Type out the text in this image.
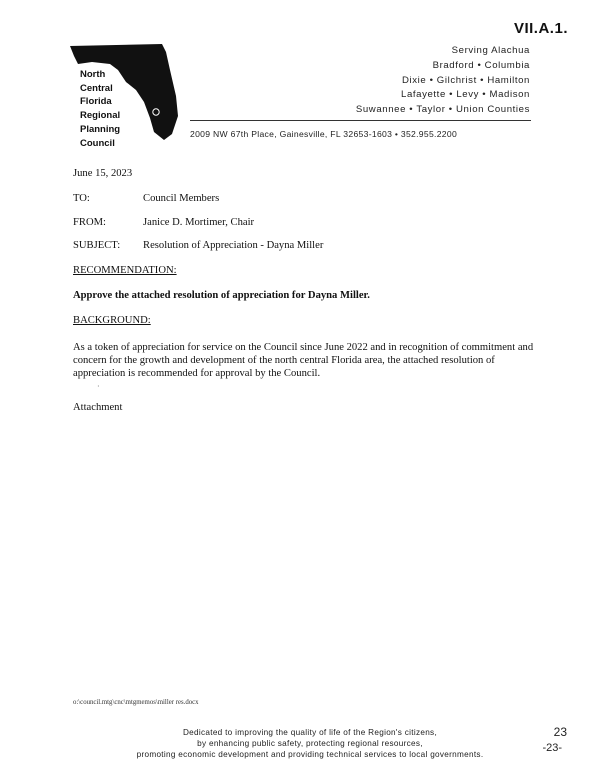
VII.A.1.
North
Central
Florida
Regional
Planning
Council
Serving Alachua
Bradford • Columbia
Dixie • Gilchrist • Hamilton
Lafayette • Levy • Madison
Suwannee • Taylor • Union Counties
2009 NW 67th Place, Gainesville, FL 32653-1603 • 352.955.2200
June 15, 2023
TO:	Council Members
FROM:	Janice D. Mortimer, Chair
SUBJECT: Resolution of Appreciation - Dayna Miller
RECOMMENDATION:
Approve the attached resolution of appreciation for Dayna Miller.
BACKGROUND:
As a token of appreciation for service on the Council since June 2022 and in recognition of commitment and concern for the growth and development of the north central Florida area, the attached resolution of appreciation is recommended for approval by the Council.
·
Attachment
o:\council.mtg\cnc\mtgmemos\miller res.docx
Dedicated to improving the quality of life of the Region's citizens,
by enhancing public safety, protecting regional resources,
promoting economic development and providing technical services to local governments.
23
-23-
